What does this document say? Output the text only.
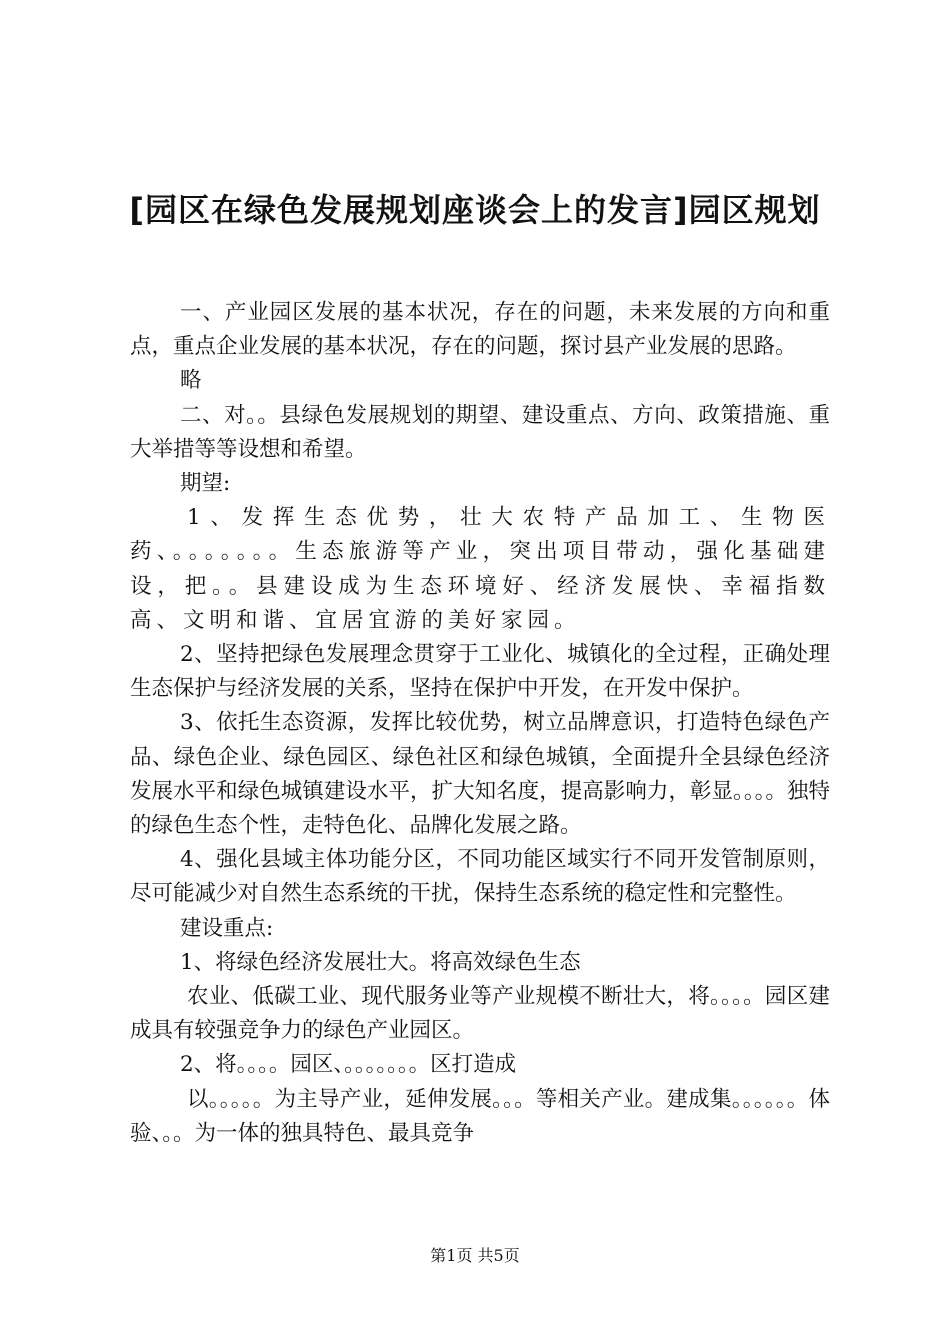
[园区在绿色发展规划座谈会上的发言]园区规划

一、产业园区发展的基本状况，存在的问题，未来发展的方向和重点，重点企业发展的基本状况，存在的问题，探讨县产业发展的思路。

略

二、对。。县绿色发展规划的期望、建设重点、方向、政策措施、重大举措等等设想和希望。

期望:

1、发挥生态优势，壮大农特产品加工、生物医药、。。。。。。。生态旅游等产业，突出项目带动，强化基础建设，把。。县建设成为生态环境好、经济发展快、幸福指数高、文明和谐、宜居宜游的美好家园。

2、坚持把绿色发展理念贯穿于工业化、城镇化的全过程，正确处理生态保护与经济发展的关系，坚持在保护中开发，在开发中保护。

3、依托生态资源，发挥比较优势，树立品牌意识，打造特色绿色产品、绿色企业、绿色园区、绿色社区和绿色城镇，全面提升全县绿色经济发展水平和绿色城镇建设水平，扩大知名度，提高影响力，彰显。。。。独特的绿色生态个性，走特色化、品牌化发展之路。

4、强化县域主体功能分区，不同功能区域实行不同开发管制原则，尽可能减少对自然生态系统的干扰，保持生态系统的稳定性和完整性。

建设重点:

1、将绿色经济发展壮大。将高效绿色生态

农业、低碳工业、现代服务业等产业规模不断壮大，将。。。。园区建成具有较强竞争力的绿色产业园区。

2、将。。。。园区、。。。。。。。区打造成

以。。。。。为主导产业，延伸发展。。。等相关产业。建成集。。。。。。体验、。。为一体的独具特色、最具竞争

第1页 共5页
